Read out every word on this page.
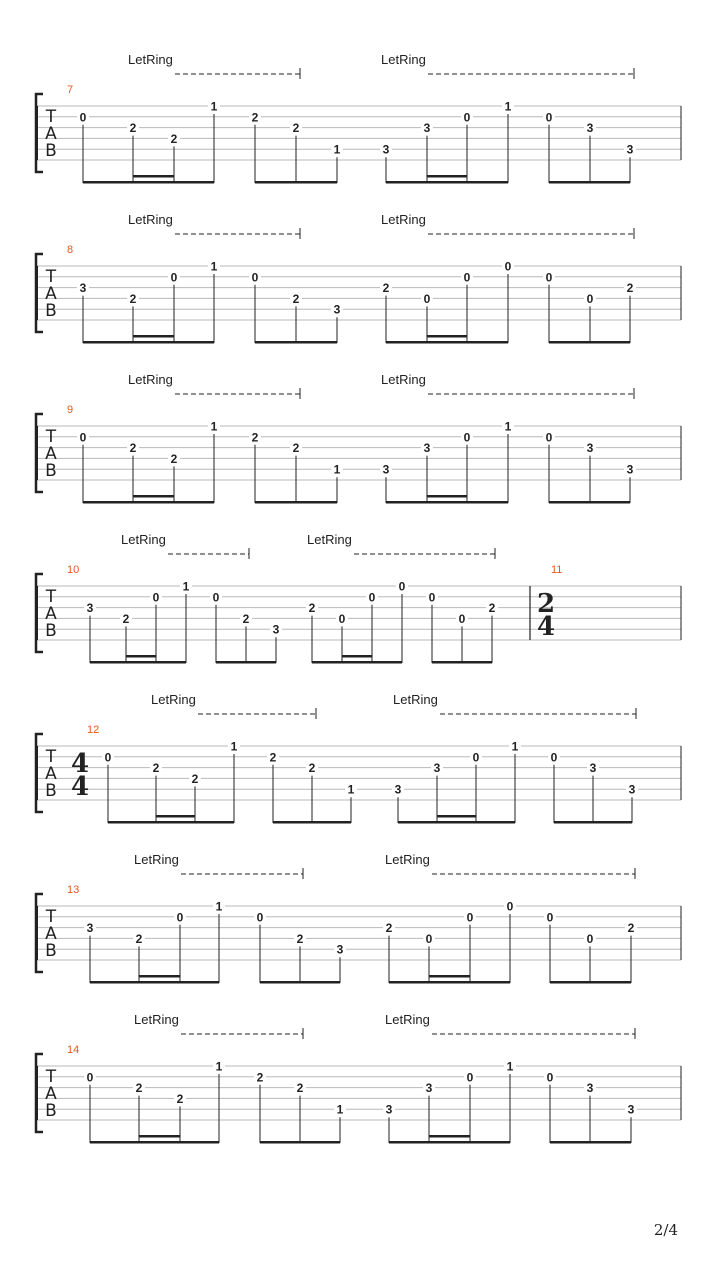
T
A
B
LetRing	LetRing
7
0
2
2
1
2
2
1	3
3
0
1
0
3
3
T
A
B
LetRing	LetRing
8
3
2
0
1
0
2
3
2
0
0
0
0
0
2
T
A
B
LetRing	LetRing
9
0
2
2
1
2
2
1	3
3
0
1
0
3
3
T
A
B
LetRing	LetRing
10
3
2
0
1
0
2
3
2
0
0
0
0
0
2
11
2
4
T
A
B
LetRing	LetRing
12
4
4
0
2
2
1
2
2
1	3
3
0
1
0
3
3
T
A
B
LetRing	LetRing
13
3
2
0
1
0
2
3
2
0
0
0
0
0
2
T
A
B
LetRing	LetRing
14
0
2
2
1
2
2
1	3
3
0
1
0
3
3
2/4
